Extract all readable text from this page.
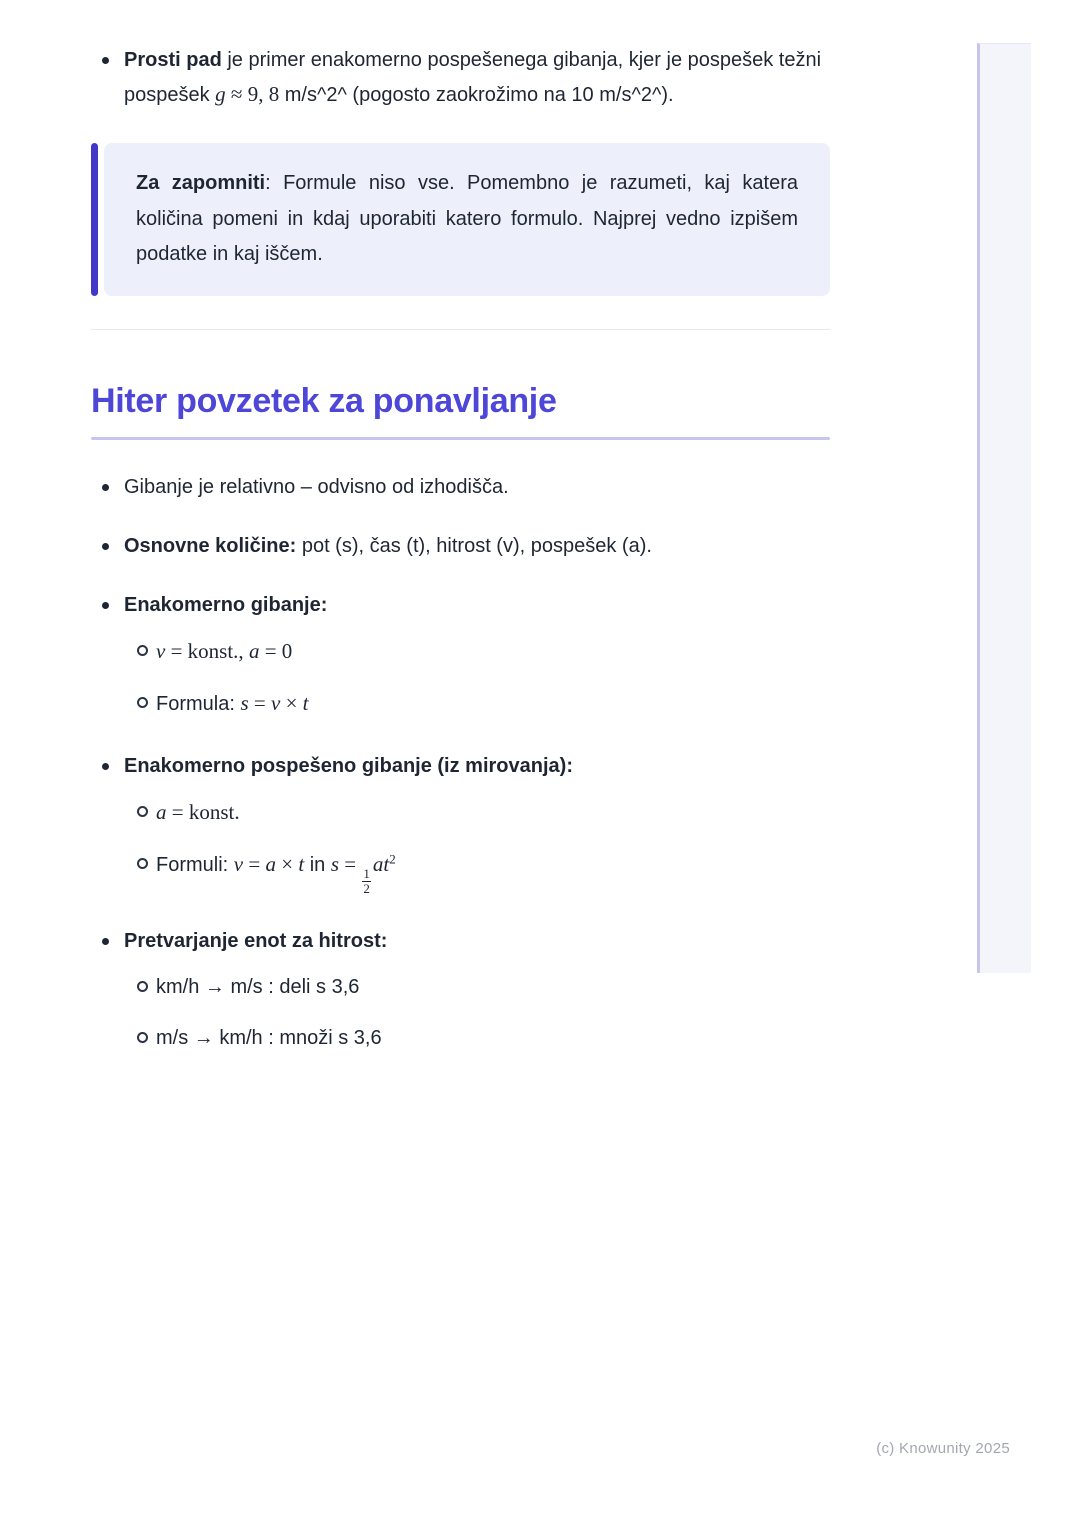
Prosti pad je primer enakomerno pospešenega gibanja, kjer je pospešek težni pospešek g ≈ 9, 8 m/s^2^ (pogosto zaokrožimo na 10 m/s^2^).

Za zapomniti: Formule niso vse. Pomembno je razumeti, kaj katera količina pomeni in kdaj uporabiti katero formulo. Najprej vedno izpišem podatke in kaj iščem.

Hiter povzetek za ponavljanje
Gibanje je relativno – odvisno od izhodišča.
Osnovne količine: pot (s), čas (t), hitrost (v), pospešek (a).
Enakomerno gibanje:
v = konst., a = 0
Formula: s = v × t
Enakomerno pospešeno gibanje (iz mirovanja):
a = konst.
Formuli: v = a × t in s =
$\frac{1}{2}$
$at^2$
Pretvarjanje enot za hitrost:
km/h → m/s : deli s 3,6
m/s → km/h : množi s 3,6
(c) Knowunity 2025
